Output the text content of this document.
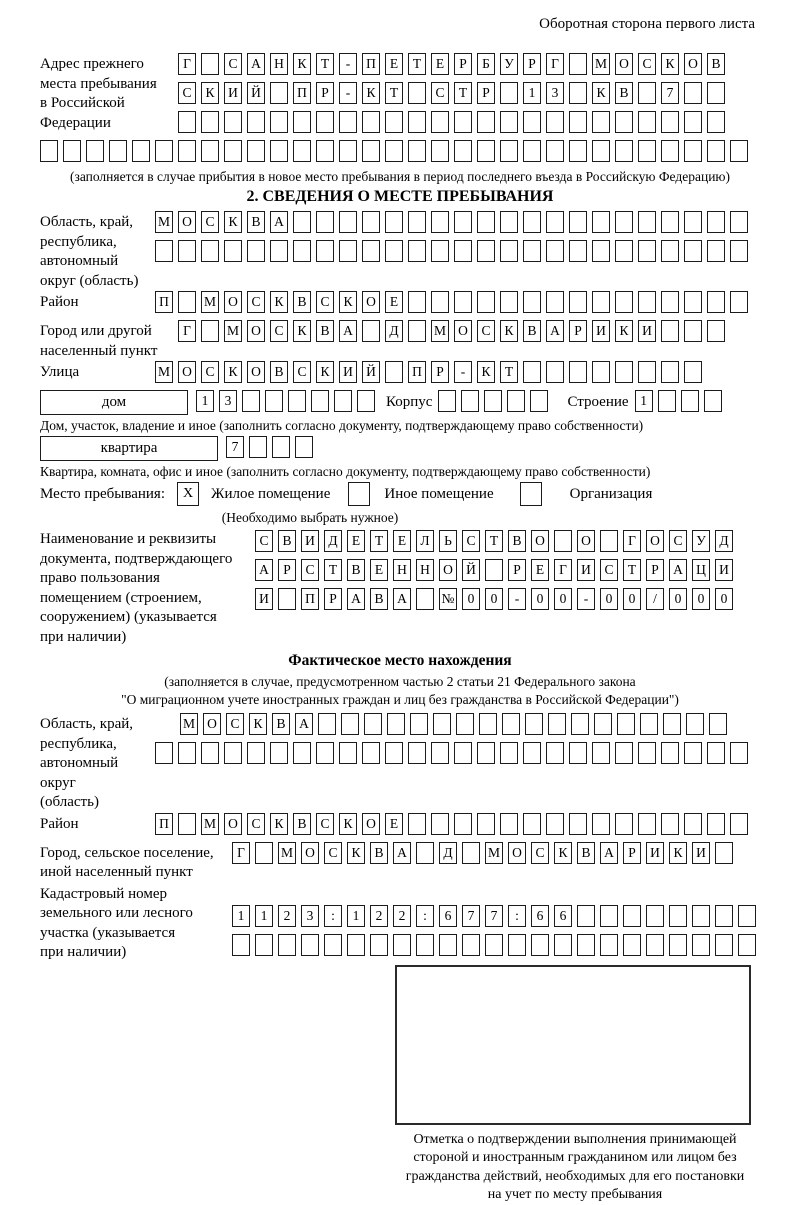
Оборотная сторона первого листа
Адрес прежнего
места пребывания
в Российской
Федерации
Г	С А Н К Т - П Е Т Е Р Б У Р Г	М О С К О В
С К И Й	П Р - К Т	С Т Р	1 3	К В	7
(заполняется в случае прибытия в новое место пребывания в период последнего въезда в Российскую Федерацию)
2. СВЕДЕНИЯ О МЕСТЕ ПРЕБЫВАНИЯ
Область, край,
республика,
автономный
округ (область)
М О С К В А
Район	П	М О С К В С К О Е
Город или другой
населенный пункт
Г	М О С К В А	Д	М О С К В А Р И К И
Улица	М О С К О В С К И Й	П Р - К Т
дом	1 3	Корпус	Строение 1
Дом, участок, владение и иное (заполнить согласно документу, подтверждающему право собственности)
квартира	7
Квартира, комната, офис и иное (заполнить согласно документу, подтверждающему право собственности)
Место пребывания:	X	Жилое помещение	Иное помещение	Организация
(Необходимо выбрать нужное)
Наименование и реквизиты
документа, подтверждающего
право пользования
помещением (строением,
сооружением) (указывается
при наличии)
С В И Д Е Т Е Л Ь С Т В О	О	Г О С У Д
А Р С Т В Е Н Н О Й	Р Е Г И С Т Р А Ц И
И	П Р А В А	№ 0 0 - 0 0 - 0 0 / 0 0 0
Фактическое место нахождения
(заполняется в случае, предусмотренном частью 2 статьи 21 Федерального закона
"О миграционном учете иностранных граждан и лиц без гражданства в Российской Федерации")
Область, край,
республика,
автономный округ
(область)
М О С К В А
Район	П	М О С К В С К О Е
Город, сельское поселение,
иной населенный пункт
Г	М О С К В А	Д	М О С К В А Р И К И
Кадастровый номер
земельного или лесного
участка (указывается
при наличии)
1 1 2 3 : 1 2 2 : 6 7 7 : 6 6
Отметка о подтверждении выполнения принимающей
стороной и иностранным гражданином или лицом без
гражданства действий, необходимых для его постановки
на учет по месту пребывания
